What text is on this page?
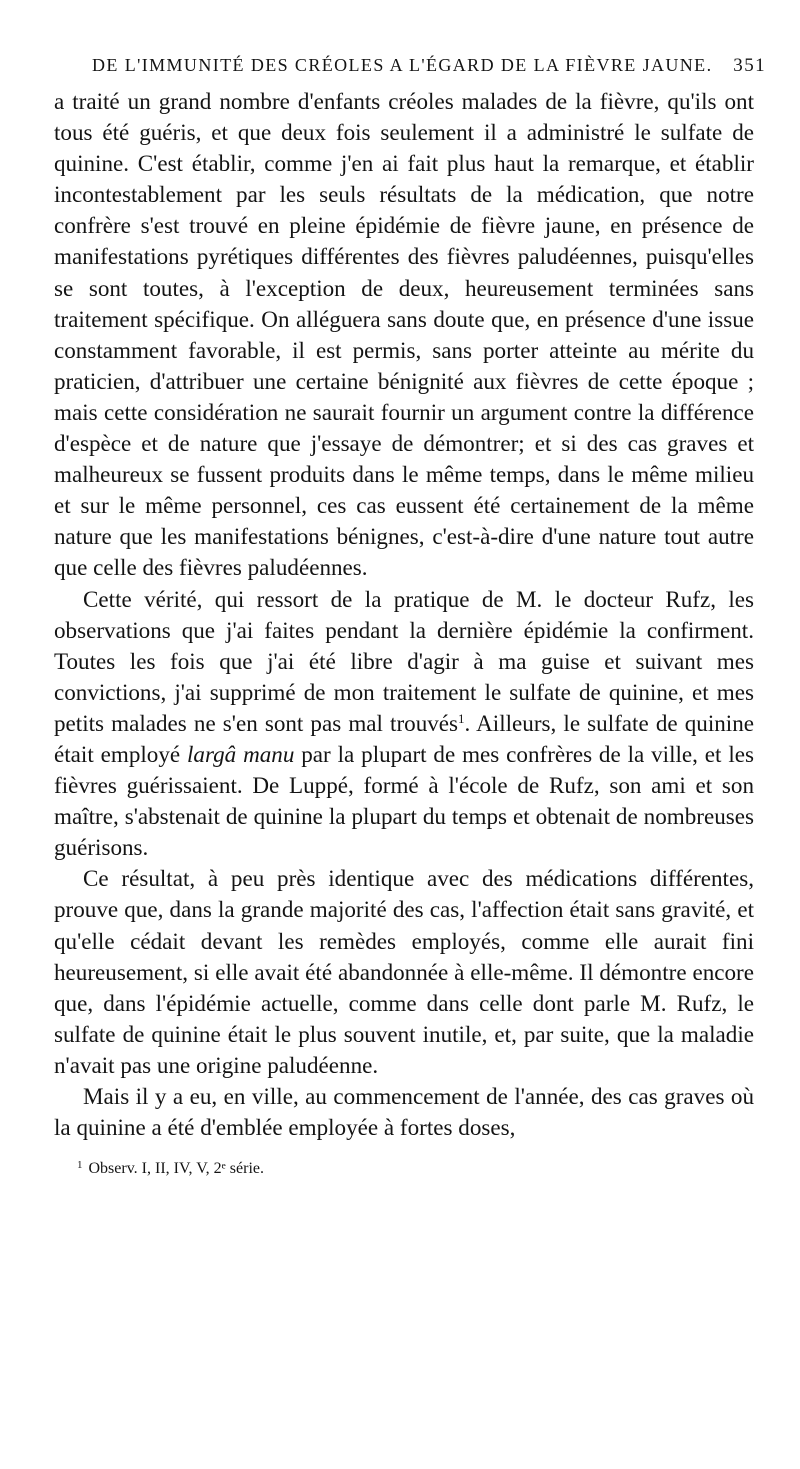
DE L'IMMUNITÉ DES CRÉOLES A L'ÉGARD DE LA FIÈVRE JAUNE. 351

a traité un grand nombre d'enfants créoles malades de la fièvre, qu'ils ont tous été guéris, et que deux fois seulement il a administré le sulfate de quinine. C'est établir, comme j'en ai fait plus haut la remarque, et établir incontestablement par les seuls résultats de la médication, que notre confrère s'est trouvé en pleine épidémie de fièvre jaune, en présence de manifestations pyrétiques différentes des fièvres paludéennes, puisqu'elles se sont toutes, à l'exception de deux, heureusement terminées sans traitement spécifique. On alléguera sans doute que, en présence d'une issue constamment favorable, il est permis, sans porter atteinte au mérite du praticien, d'attribuer une certaine bénignité aux fièvres de cette époque ; mais cette considération ne saurait fournir un argument contre la différence d'espèce et de nature que j'essaye de démontrer; et si des cas graves et malheureux se fussent produits dans le même temps, dans le même milieu et sur le même personnel, ces cas eussent été certainement de la même nature que les manifestations bénignes, c'est-à-dire d'une nature tout autre que celle des fièvres paludéennes.

Cette vérité, qui ressort de la pratique de M. le docteur Rufz, les observations que j'ai faites pendant la dernière épidémie la confirment. Toutes les fois que j'ai été libre d'agir à ma guise et suivant mes convictions, j'ai supprimé de mon traitement le sulfate de quinine, et mes petits malades ne s'en sont pas mal trouvés$^1$. Ailleurs, le sulfate de quinine était employé largâ manu par la plupart de mes confrères de la ville, et les fièvres guérissaient. De Luppé, formé à l'école de Rufz, son ami et son maître, s'abstenait de quinine la plupart du temps et obtenait de nombreuses guérisons.

Ce résultat, à peu près identique avec des médications différentes, prouve que, dans la grande majorité des cas, l'affection était sans gravité, et qu'elle cédait devant les remèdes employés, comme elle aurait fini heureusement, si elle avait été abandonnée à elle-même. Il démontre encore que, dans l'épidémie actuelle, comme dans celle dont parle M. Rufz, le sulfate de quinine était le plus souvent inutile, et, par suite, que la maladie n'avait pas une origine paludéenne.

Mais il y a eu, en ville, au commencement de l'année, des cas graves où la quinine a été d'emblée employée à fortes doses,

$^1$ Observ. I, II, IV, V, 2ᵉ série.
